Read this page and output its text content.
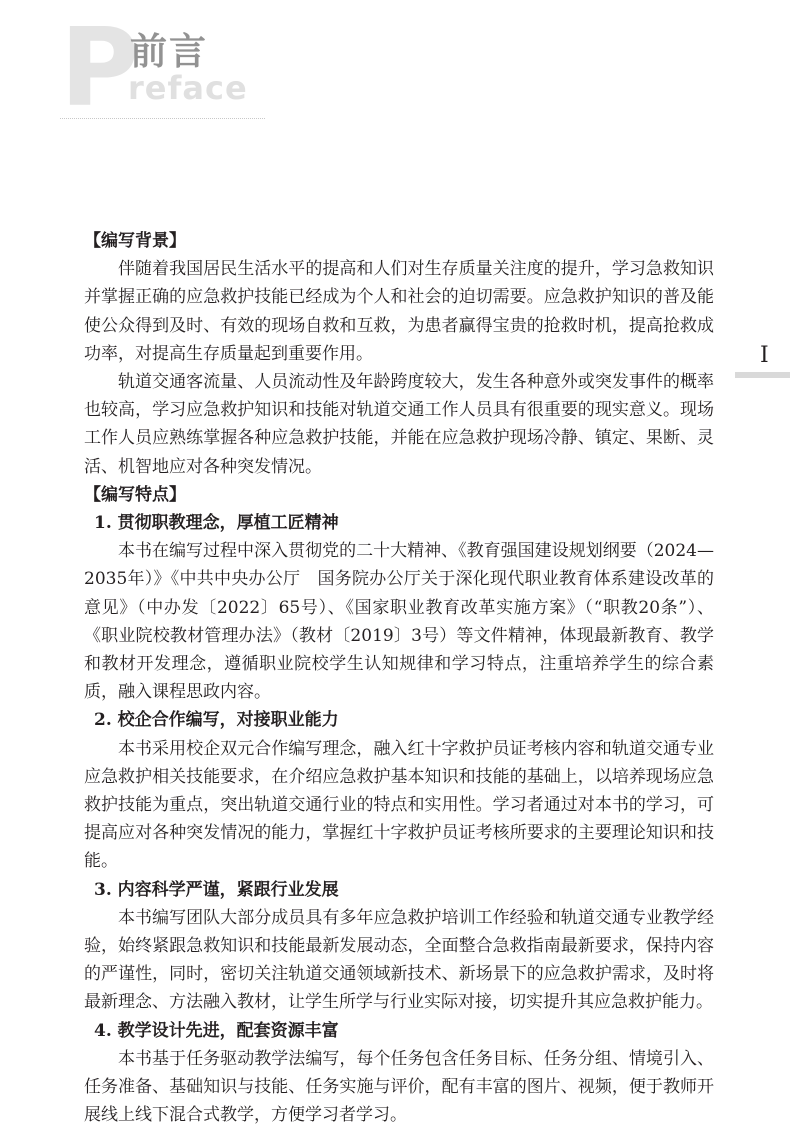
P
前言
reface
I
【编写背景】

伴随着我国居民生活水平的提高和人们对生存质量关注度的提升，学习急救知识并掌握正确的应急救护技能已经成为个人和社会的迫切需要。应急救护知识的普及能使公众得到及时、有效的现场自救和互救，为患者赢得宝贵的抢救时机，提高抢救成功率，对提高生存质量起到重要作用。

轨道交通客流量、人员流动性及年龄跨度较大，发生各种意外或突发事件的概率也较高，学习应急救护知识和技能对轨道交通工作人员具有很重要的现实意义。现场工作人员应熟练掌握各种应急救护技能，并能在应急救护现场冷静、镇定、果断、灵活、机智地应对各种突发情况。

【编写特点】
1. 贯彻职教理念，厚植工匠精神

本书在编写过程中深入贯彻党的二十大精神、《教育强国建设规划纲要（2024—2035年）》《中共中央办公厅　国务院办公厅关于深化现代职业教育体系建设改革的意见》（中办发〔2022〕65号）、《国家职业教育改革实施方案》（“职教20条”）、《职业院校教材管理办法》（教材〔2019〕3号）等文件精神，体现最新教育、教学和教材开发理念，遵循职业院校学生认知规律和学习特点，注重培养学生的综合素质，融入课程思政内容。

2. 校企合作编写，对接职业能力

本书采用校企双元合作编写理念，融入红十字救护员证考核内容和轨道交通专业应急救护相关技能要求，在介绍应急救护基本知识和技能的基础上，以培养现场应急救护技能为重点，突出轨道交通行业的特点和实用性。学习者通过对本书的学习，可提高应对各种突发情况的能力，掌握红十字救护员证考核所要求的主要理论知识和技能。

3. 内容科学严谨，紧跟行业发展

本书编写团队大部分成员具有多年应急救护培训工作经验和轨道交通专业教学经验，始终紧跟急救知识和技能最新发展动态，全面整合急救指南最新要求，保持内容的严谨性，同时，密切关注轨道交通领域新技术、新场景下的应急救护需求，及时将最新理念、方法融入教材，让学生所学与行业实际对接，切实提升其应急救护能力。

4. 教学设计先进，配套资源丰富

本书基于任务驱动教学法编写，每个任务包含任务目标、任务分组、情境引入、任务准备、基础知识与技能、任务实施与评价，配有丰富的图片、视频，便于教师开展线上线下混合式教学，方便学习者学习。
